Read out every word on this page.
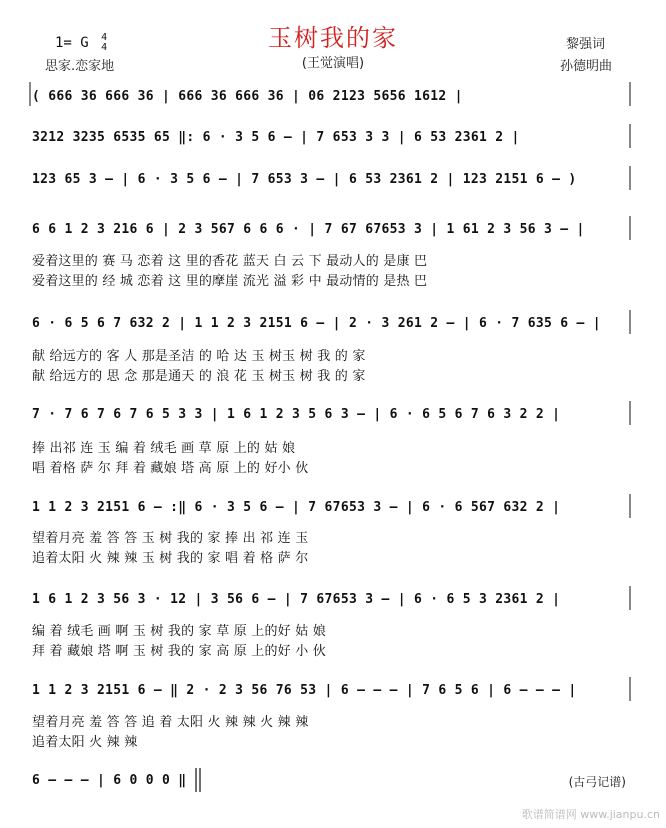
玉树我的家
(王觉演唱)
1= G 4
4
思家.恋家地
黎强词
孙德明曲
( 666 36 666 36 | 666 36 666 36 | 06 2123 5656 1612 |
3212 3235 6535 65 ‖: 6 · 3 5 6 – | 7 653 3 3 | 6 53 2361 2 |
123 65 3 – | 6 · 3 5 6 – | 7 653 3 – | 6 53 2361 2 | 123 2151 6 – )
6 6 1 2 3 216 6 | 2 3 567 6 6 6 · | 7 67 67653 3 | 1 61 2 3 56 3 – |
爱着这里的 赛 马 恋着 这 里的香花 蓝天 白 云 下 最动人的 是康 巴
爱着这里的 经 城 恋着 这 里的摩崖 流光 溢 彩 中 最动情的 是热 巴
6 · 6 5 6 7 632 2 | 1 1 2 3 2151 6 – | 2 · 3 261 2 – | 6 · 7 635 6 – |
献 给远方的 客 人 那是圣洁 的 哈 达 玉 树玉 树 我 的 家
献 给远方的 思 念 那是通天 的 浪 花 玉 树玉 树 我 的 家
7 · 7 6 7 6 7 6 5 3 3 | 1 6 1 2 3 5 6 3 – | 6 · 6 5 6 7 6 3 2 2 |
捧 出祁 连 玉 编 着 绒毛 画 草 原 上的 姑 娘
唱 着格 萨 尔 拜 着 藏娘 塔 高 原 上的 好小 伙
1 1 2 3 2151 6 – :‖ 6 · 3 5 6 – | 7 67653 3 – | 6 · 6 567 632 2 |
望着月亮 羞 答 答 玉 树 我的 家 捧 出 祁 连 玉
追着太阳 火 辣 辣 玉 树 我的 家 唱 着 格 萨 尔
1 6 1 2 3 56 3 · 12 | 3 56 6 – | 7 67653 3 – | 6 · 6 5 3 2361 2 |
编 着 绒毛 画 啊 玉 树 我的 家 草 原 上的好 姑 娘
拜 着 藏娘 塔 啊 玉 树 我的 家 高 原 上的好 小 伙
1 1 2 3 2151 6 – ‖ 2 · 2 3 56 76 53 | 6 – – – | 7 6 5 6 | 6 – – – |
望着月亮 羞 答 答 追 着 太阳 火 辣 辣 火 辣 辣
追着太阳 火 辣 辣
6 – – – | 6 0 0 0 ‖	(古弓记谱)
歌谱简谱网 www.jianpu.cn
